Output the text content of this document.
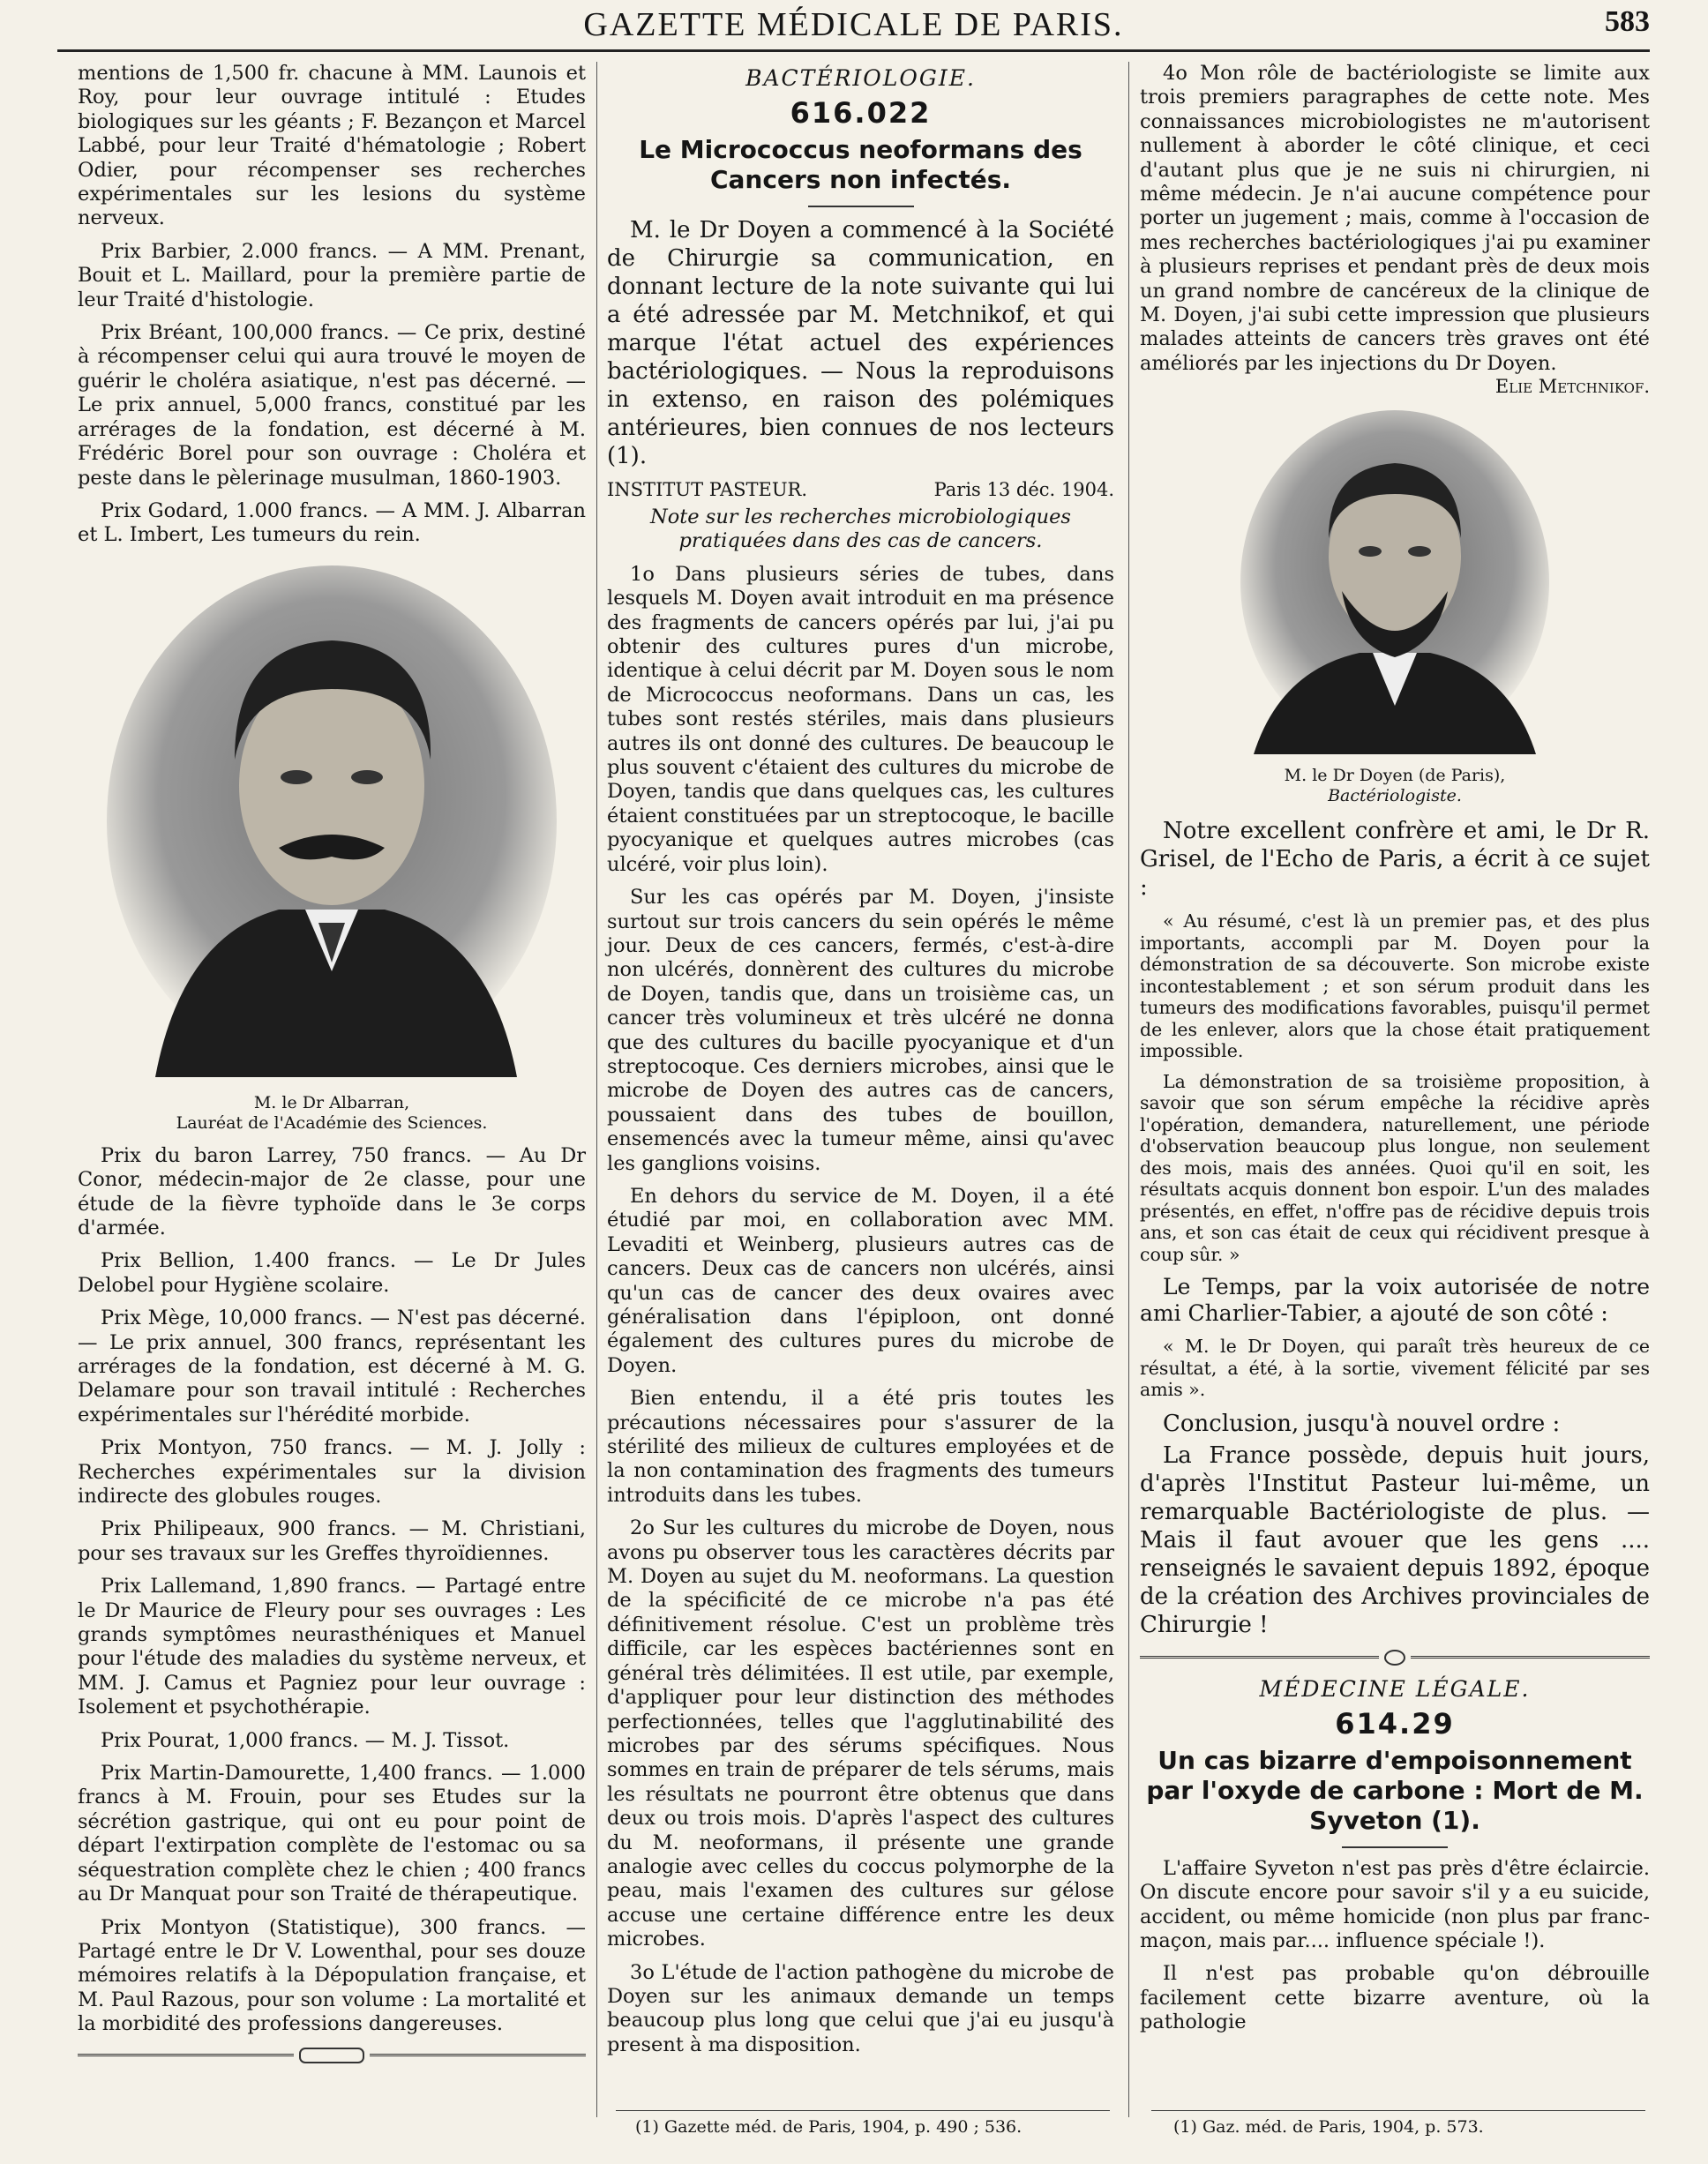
GAZETTE MÉDICALE DE PARIS.	583

mentions de 1,500 fr. chacune à MM. Launois et Roy, pour leur ouvrage intitulé : Etudes biologiques sur les géants ; F. Bezançon et Marcel Labbé, pour leur Traité d'hématologie ; Robert Odier, pour récompenser ses recherches expérimentales sur les lesions du système nerveux.

Prix Barbier, 2.000 francs. — A MM. Prenant, Bouit et L. Maillard, pour la première partie de leur Traité d'histologie.

Prix Bréant, 100,000 francs. — Ce prix, destiné à récompenser celui qui aura trouvé le moyen de guérir le choléra asiatique, n'est pas décerné. — Le prix annuel, 5,000 francs, constitué par les arrérages de la fondation, est décerné à M. Frédéric Borel pour son ouvrage : Choléra et peste dans le pèlerinage musulman, 1860-1903.

Prix Godard, 1.000 francs. — A MM. J. Albarran et L. Imbert, Les tumeurs du rein.

M. le Dr Albarran,
Lauréat de l'Académie des Sciences.

Prix du baron Larrey, 750 francs. — Au Dr Conor, médecin-major de 2e classe, pour une étude de la fièvre typhoïde dans le 3e corps d'armée.

Prix Bellion, 1.400 francs. — Le Dr Jules Delobel pour Hygiène scolaire.

Prix Mège, 10,000 francs. — N'est pas décerné. — Le prix annuel, 300 francs, représentant les arrérages de la fondation, est décerné à M. G. Delamare pour son travail intitulé : Recherches expérimentales sur l'hérédité morbide.

Prix Montyon, 750 francs. — M. J. Jolly : Recherches expérimentales sur la division indirecte des globules rouges.

Prix Philipeaux, 900 francs. — M. Christiani, pour ses travaux sur les Greffes thyroïdiennes.

Prix Lallemand, 1,890 francs. — Partagé entre le Dr Maurice de Fleury pour ses ouvrages : Les grands symptômes neurasthéniques et Manuel pour l'étude des maladies du système nerveux, et MM. J. Camus et Pagniez pour leur ouvrage : Isolement et psychothérapie.

Prix Pourat, 1,000 francs. — M. J. Tissot.

Prix Martin-Damourette, 1,400 francs. — 1.000 francs à M. Frouin, pour ses Etudes sur la sécrétion gastrique, qui ont eu pour point de départ l'extirpation complète de l'estomac ou sa séquestration complète chez le chien ; 400 francs au Dr Manquat pour son Traité de thérapeutique.

Prix Montyon (Statistique), 300 francs. — Partagé entre le Dr V. Lowenthal, pour ses douze mémoires relatifs à la Dépopulation française, et M. Paul Razous, pour son volume : La mortalité et la morbidité des professions dangereuses.

BACTÉRIOLOGIE.
616.022
Le Micrococcus neoformans des Cancers non infectés.

M. le Dr Doyen a commencé à la Société de Chirurgie sa communication, en donnant lecture de la note suivante qui lui a été adressée par M. Metchnikof, et qui marque l'état actuel des expériences bactériologiques. — Nous la reproduisons in extenso, en raison des polémiques antérieures, bien connues de nos lecteurs (1).

INSTITUT PASTEUR.	Paris 13 déc. 1904.

Note sur les recherches microbiologiques pratiquées dans des cas de cancers.

1o Dans plusieurs séries de tubes, dans lesquels M. Doyen avait introduit en ma présence des fragments de cancers opérés par lui, j'ai pu obtenir des cultures pures d'un microbe, identique à celui décrit par M. Doyen sous le nom de Micrococcus neoformans. Dans un cas, les tubes sont restés stériles, mais dans plusieurs autres ils ont donné des cultures. De beaucoup le plus souvent c'étaient des cultures du microbe de Doyen, tandis que dans quelques cas, les cultures étaient constituées par un streptocoque, le bacille pyocyanique et quelques autres microbes (cas ulcéré, voir plus loin).

Sur les cas opérés par M. Doyen, j'insiste surtout sur trois cancers du sein opérés le même jour. Deux de ces cancers, fermés, c'est-à-dire non ulcérés, donnèrent des cultures du microbe de Doyen, tandis que, dans un troisième cas, un cancer très volumineux et très ulcéré ne donna que des cultures du bacille pyocyanique et d'un streptocoque. Ces derniers microbes, ainsi que le microbe de Doyen des autres cas de cancers, poussaient dans des tubes de bouillon, ensemencés avec la tumeur même, ainsi qu'avec les ganglions voisins.

En dehors du service de M. Doyen, il a été étudié par moi, en collaboration avec MM. Levaditi et Weinberg, plusieurs autres cas de cancers. Deux cas de cancers non ulcérés, ainsi qu'un cas de cancer des deux ovaires avec généralisation dans l'épiploon, ont donné également des cultures pures du microbe de Doyen.

Bien entendu, il a été pris toutes les précautions nécessaires pour s'assurer de la stérilité des milieux de cultures employées et de la non contamination des fragments des tumeurs introduits dans les tubes.

2o Sur les cultures du microbe de Doyen, nous avons pu observer tous les caractères décrits par M. Doyen au sujet du M. neoformans. La question de la spécificité de ce microbe n'a pas été définitivement résolue. C'est un problème très difficile, car les espèces bactériennes sont en général très délimitées. Il est utile, par exemple, d'appliquer pour leur distinction des méthodes perfectionnées, telles que l'agglutinabilité des microbes par des sérums spécifiques. Nous sommes en train de préparer de tels sérums, mais les résultats ne pourront être obtenus que dans deux ou trois mois. D'après l'aspect des cultures du M. neoformans, il présente une grande analogie avec celles du coccus polymorphe de la peau, mais l'examen des cultures sur gélose accuse une certaine différence entre les deux microbes.

3o L'étude de l'action pathogène du microbe de Doyen sur les animaux demande un temps beaucoup plus long que celui que j'ai eu jusqu'à present à ma disposition.

(1) Gazette méd. de Paris, 1904, p. 490 ; 536.

4o Mon rôle de bactériologiste se limite aux trois premiers paragraphes de cette note. Mes connaissances microbiologistes ne m'autorisent nullement à aborder le côté clinique, et ceci d'autant plus que je ne suis ni chirurgien, ni même médecin. Je n'ai aucune compétence pour porter un jugement ; mais, comme à l'occasion de mes recherches bactériologiques j'ai pu examiner à plusieurs reprises et pendant près de deux mois un grand nombre de cancéreux de la clinique de M. Doyen, j'ai subi cette impression que plusieurs malades atteints de cancers très graves ont été améliorés par les injections du Dr Doyen.

Elie Metchnikof.
M. le Dr Doyen (de Paris),
Bactériologiste.

Notre excellent confrère et ami, le Dr R. Grisel, de l'Echo de Paris, a écrit à ce sujet :

« Au résumé, c'est là un premier pas, et des plus importants, accompli par M. Doyen pour la démonstration de sa découverte. Son microbe existe incontestablement ; et son sérum produit dans les tumeurs des modifications favorables, puisqu'il permet de les enlever, alors que la chose était pratiquement impossible.

La démonstration de sa troisième proposition, à savoir que son sérum empêche la récidive après l'opération, demandera, naturellement, une période d'observation beaucoup plus longue, non seulement des mois, mais des années. Quoi qu'il en soit, les résultats acquis donnent bon espoir. L'un des malades présentés, en effet, n'offre pas de récidive depuis trois ans, et son cas était de ceux qui récidivent presque à coup sûr. »

Le Temps, par la voix autorisée de notre ami Charlier-Tabier, a ajouté de son côté :

« M. le Dr Doyen, qui paraît très heureux de ce résultat, a été, à la sortie, vivement félicité par ses amis ».

Conclusion, jusqu'à nouvel ordre :

La France possède, depuis huit jours, d'après l'Institut Pasteur lui-même, un remarquable Bactériologiste de plus. — Mais il faut avouer que les gens .... renseignés le savaient depuis 1892, époque de la création des Archives provinciales de Chirurgie !

MÉDECINE LÉGALE.
614.29
Un cas bizarre d'empoisonnement par l'oxyde de carbone : Mort de M. Syveton (1).

L'affaire Syveton n'est pas près d'être éclaircie. On discute encore pour savoir s'il y a eu suicide, accident, ou même homicide (non plus par franc-maçon, mais par.... influence spéciale !).

Il n'est pas probable qu'on débrouille facilement cette bizarre aventure, où la pathologie

(1) Gaz. méd. de Paris, 1904, p. 573.
